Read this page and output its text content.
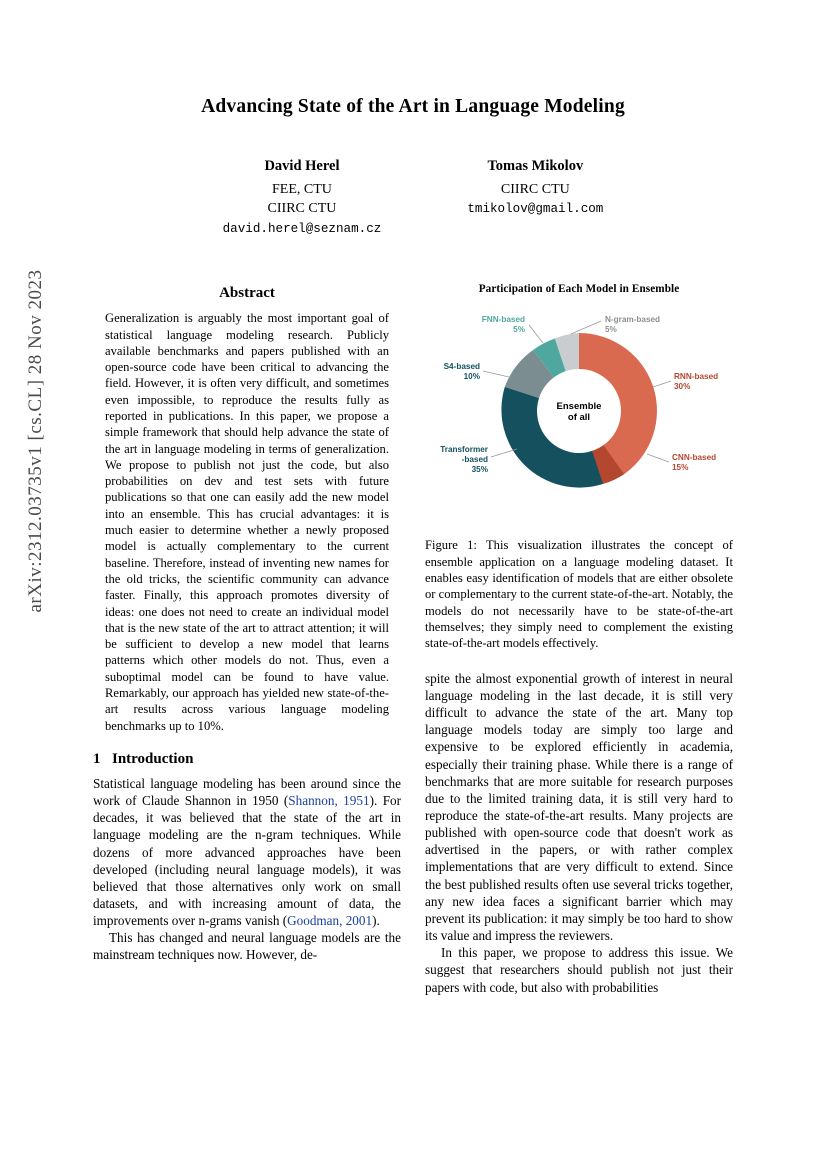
arXiv:2312.03735v1 [cs.CL] 28 Nov 2023
Advancing State of the Art in Language Modeling
David Herel
FEE, CTU
CIIRC CTU
david.herel@seznam.cz
Tomas Mikolov
CIIRC CTU
tmikolov@gmail.com
Abstract

Generalization is arguably the most important goal of statistical language modeling research. Publicly available benchmarks and papers published with an open-source code have been critical to advancing the field. However, it is often very difficult, and sometimes even impossible, to reproduce the results fully as reported in publications. In this paper, we propose a simple framework that should help advance the state of the art in language modeling in terms of generalization. We propose to publish not just the code, but also probabilities on dev and test sets with future publications so that one can easily add the new model into an ensemble. This has crucial advantages: it is much easier to determine whether a newly proposed model is actually complementary to the current baseline. Therefore, instead of inventing new names for the old tricks, the scientific community can advance faster. Finally, this approach promotes diversity of ideas: one does not need to create an individual model that is the new state of the art to attract attention; it will be sufficient to develop a new model that learns patterns which other models do not. Thus, even a suboptimal model can be found to have value. Remarkably, our approach has yielded new state-of-the-art results across various language modeling benchmarks up to 10%.

1 Introduction

Statistical language modeling has been around since the work of Claude Shannon in 1950 (Shannon, 1951). For decades, it was believed that the state of the art in language modeling are the n-gram techniques. While dozens of more advanced approaches have been developed (including neural language models), it was believed that those alternatives only work on small datasets, and with increasing amount of data, the improvements over n-grams vanish (Goodman, 2001).

This has changed and neural language models are the mainstream techniques now. However, de-

Participation of Each Model in Ensemble
Ensemble
of all
RNN-based
30%
CNN-based
15%
Transformer
-based
35%
S4-based
10%
FNN-based
5%
N-gram-based
5%
Figure 1: This visualization illustrates the concept of ensemble application on a language modeling dataset. It enables easy identification of models that are either obsolete or complementary to the current state-of-the-art. Notably, the models do not necessarily have to be state-of-the-art themselves; they simply need to complement the existing state-of-the-art models effectively.

spite the almost exponential growth of interest in neural language modeling in the last decade, it is still very difficult to advance the state of the art. Many top language models today are simply too large and expensive to be explored efficiently in academia, especially their training phase. While there is a range of benchmarks that are more suitable for research purposes due to the limited training data, it is still very hard to reproduce the state-of-the-art results. Many projects are published with open-source code that doesn't work as advertised in the papers, or with rather complex implementations that are very difficult to extend. Since the best published results often use several tricks together, any new idea faces a significant barrier which may prevent its publication: it may simply be too hard to show its value and impress the reviewers.

In this paper, we propose to address this issue. We suggest that researchers should publish not just their papers with code, but also with probabilities
